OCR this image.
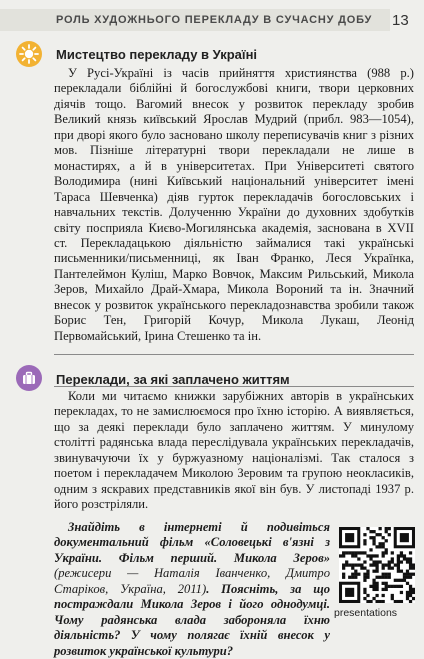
РОЛЬ ХУДОЖНЬОГО ПЕРЕКЛАДУ В СУЧАСНУ ДОБУ 13
Мистецтво перекладу в Україні

У Русі-Україні із часів прийняття християнства (988 р.) перекладали біблійні й богослужбові книги, твори церковних діячів тощо. Вагомий внесок у розвиток перекладу зробив Великий князь київський Ярослав Мудрий (прибл. 983—1054), при дворі якого було засновано школу переписувачів книг з різних мов. Пізніше літературні твори перекладали не лише в монастирях, а й в університетах. При Університеті святого Володимира (нині Київський національний університет імені Тараса Шевченка) діяв гурток перекладачів богословських і навчальних текстів. Долученню України до духовних здобутків світу посприяла Києво-Могилянська академія, заснована в XVII ст. Перекладацькою діяльністю займалися такі українські письменники/письменниці, як Іван Франко, Леся Українка, Пантелеймон Куліш, Марко Вовчок, Максим Рильський, Микола Зеров, Михайло Драй-Хмара, Микола Вороний та ін. Значний внесок у розвиток українського перекладознавства зробили також Борис Тен, Григорій Кочур, Микола Лукаш, Леонід Первомайський, Ірина Стешенко та ін.

Переклади, за які заплачено життям

Коли ми читаємо книжки зарубіжних авторів в українських перекладах, то не замислюємося про їхню історію. А виявляється, що за деякі переклади було заплачено життям. У минулому столітті радянська влада переслідувала українських перекладачів, звинувачуючи їх у буржуазному націоналізмі. Так сталося з поетом і перекладачем Миколою Зеровим та групою неокласиків, одним з яскравих представників якої він був. У листопаді 1937 р. його розстріляли.

Знайдіть в інтернеті й подивіться документальний фільм «Соловецькі в'язні з України. Фільм перший. Микола Зеров» (режисери — Наталія Іванченко, Дмитро Старіков, Україна, 2011). Поясніть, за що постраждали Микола Зеров і його однодумці. Чому радянська влада забороняла їхню діяльність? У чому полягає їхній внесок у розвиток української культури?

presentations
